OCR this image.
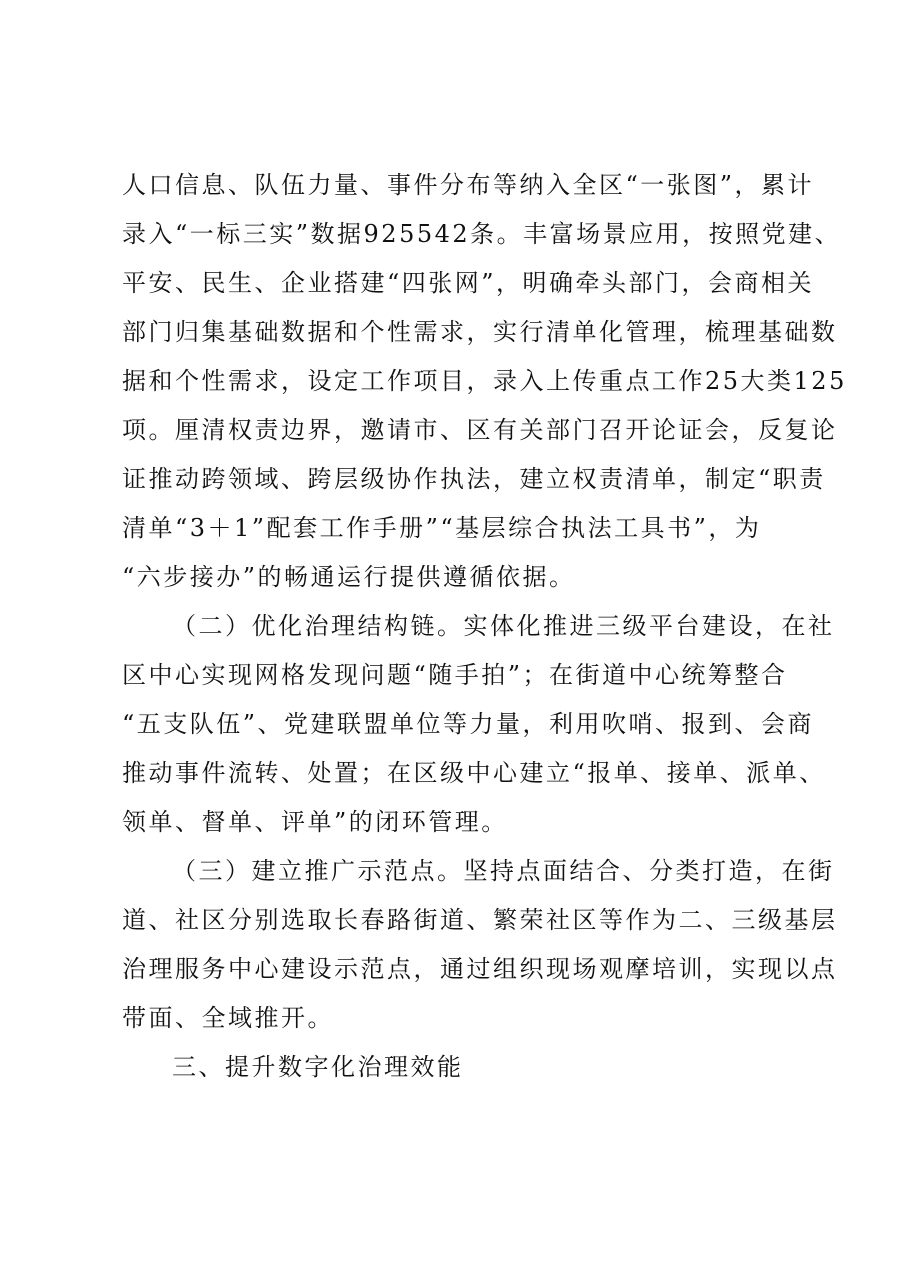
人口信息、队伍力量、事件分布等纳入全区“一张图”，累计
录入“一标三实”数据925542条。丰富场景应用，按照党建、
平安、民生、企业搭建“四张网”，明确牵头部门，会商相关
部门归集基础数据和个性需求，实行清单化管理，梳理基础数
据和个性需求，设定工作项目，录入上传重点工作25大类125
项。厘清权责边界，邀请市、区有关部门召开论证会，反复论
证推动跨领域、跨层级协作执法，建立权责清单，制定“职责
清单“3＋1”配套工作手册”“基层综合执法工具书”，为
“六步接办”的畅通运行提供遵循依据。
（二）优化治理结构链。实体化推进三级平台建设，在社
区中心实现网格发现问题“随手拍”；在街道中心统筹整合
“五支队伍”、党建联盟单位等力量，利用吹哨、报到、会商
推动事件流转、处置；在区级中心建立“报单、接单、派单、
领单、督单、评单”的闭环管理。
（三）建立推广示范点。坚持点面结合、分类打造，在街
道、社区分别选取长春路街道、繁荣社区等作为二、三级基层
治理服务中心建设示范点，通过组织现场观摩培训，实现以点
带面、全域推开。
三、提升数字化治理效能
